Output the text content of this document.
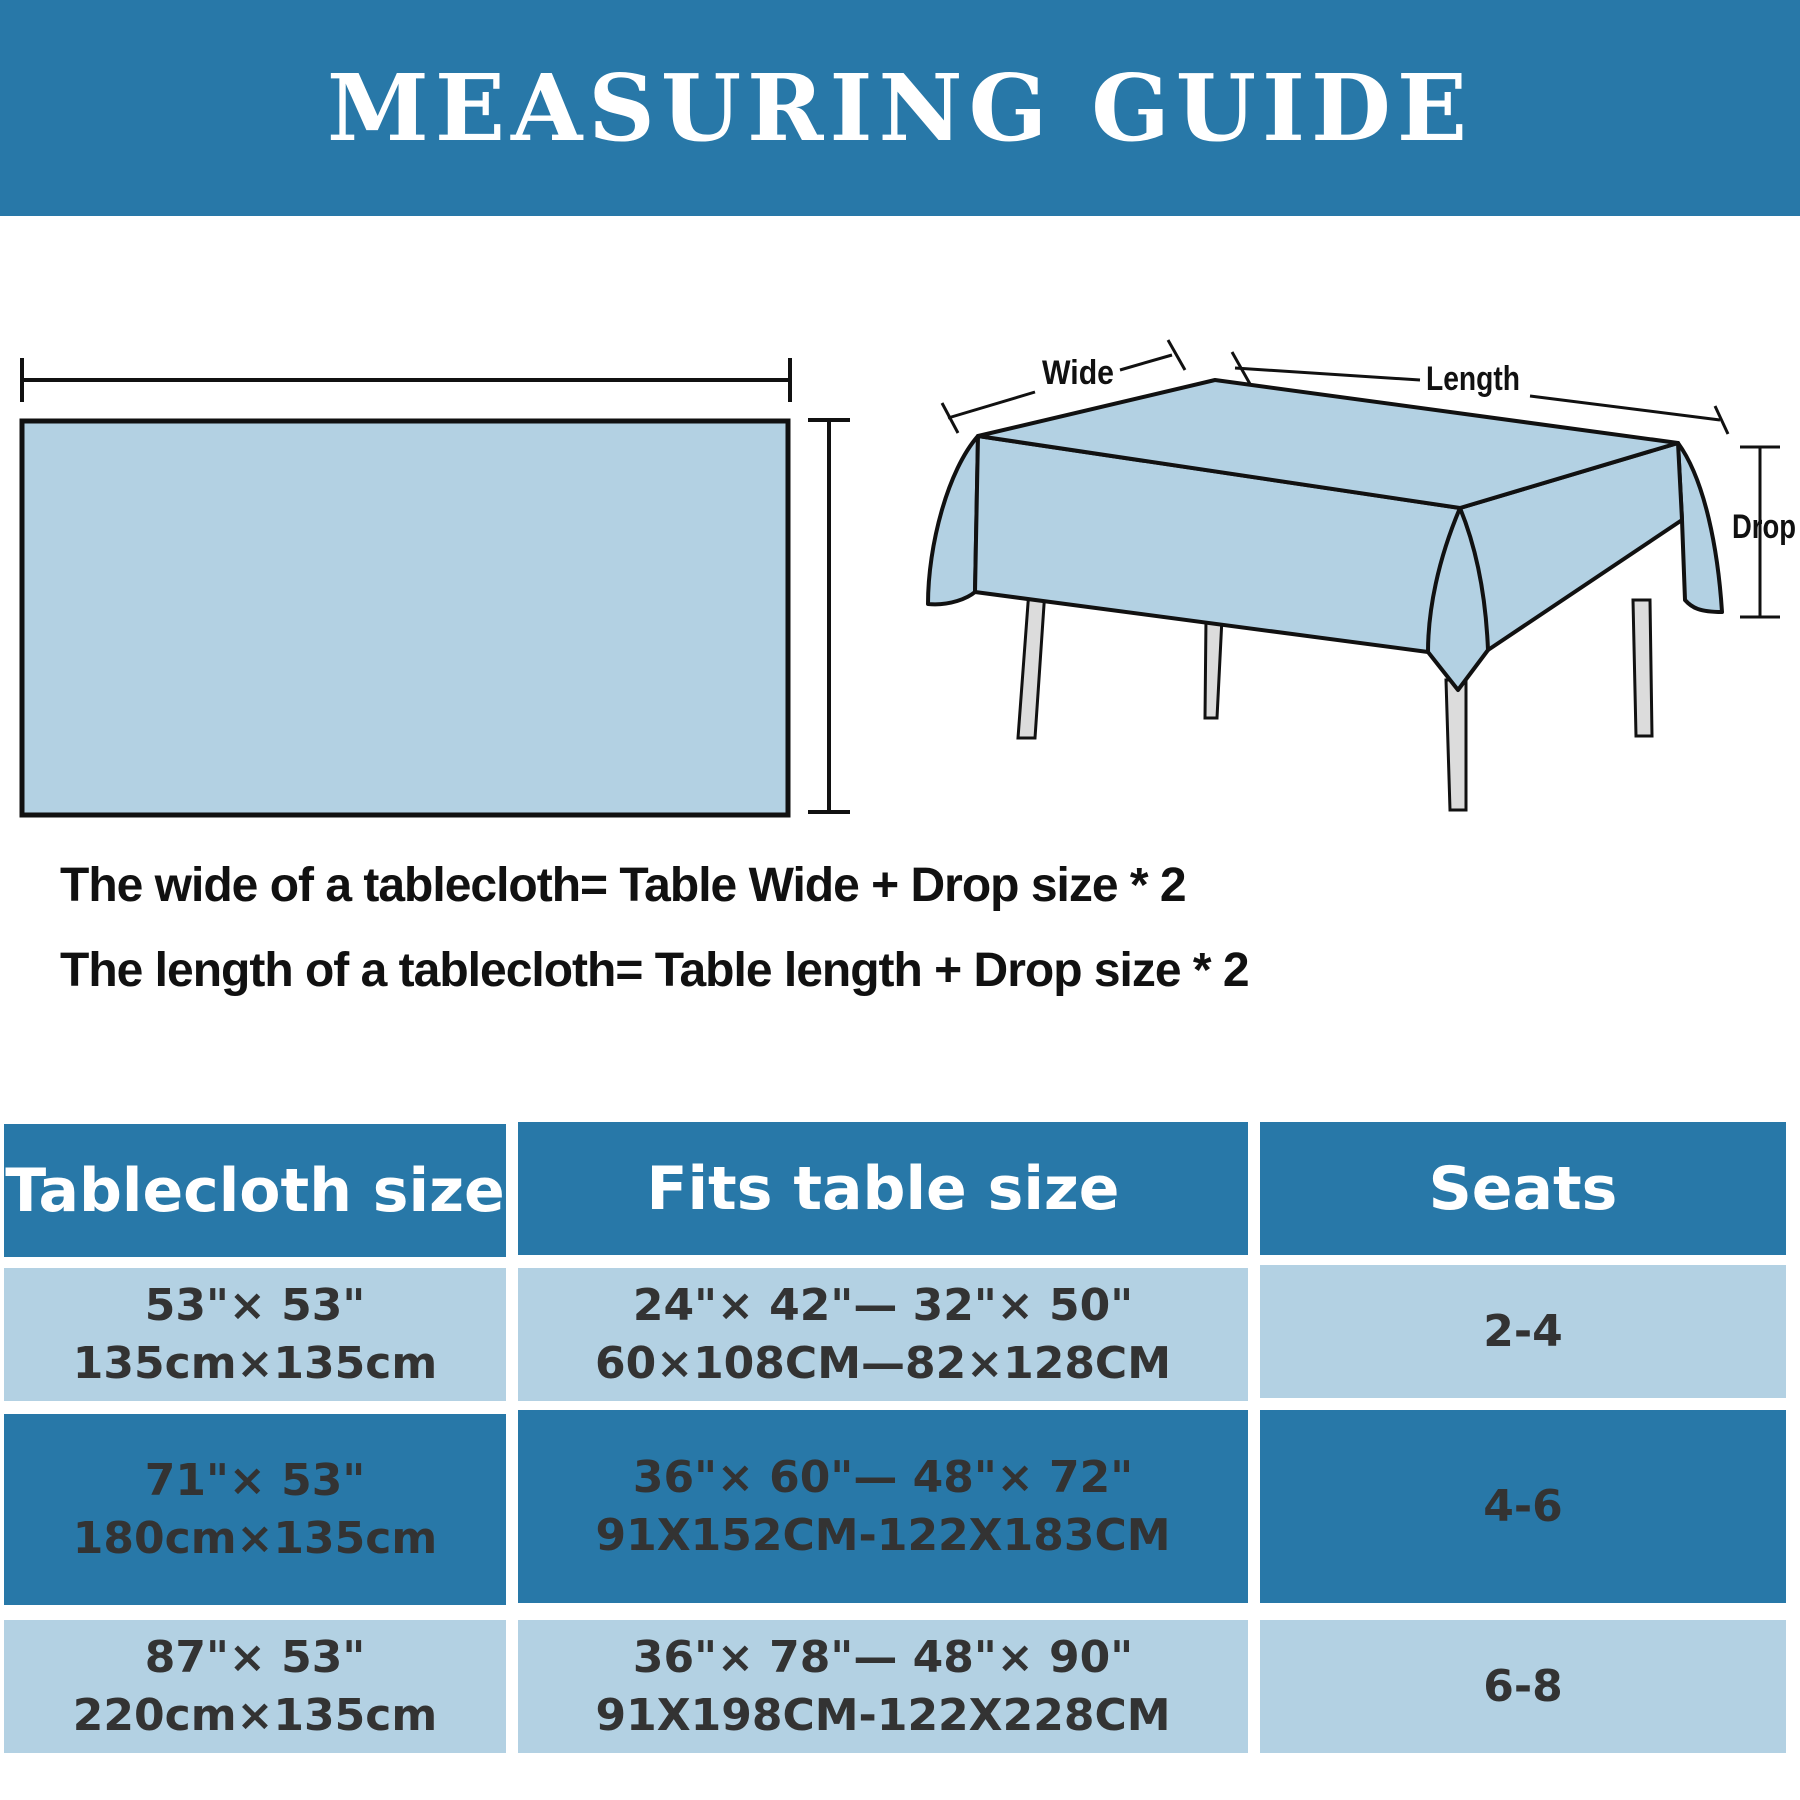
MEASURING GUIDE
Wide	Length
Drop
The wide of a tablecloth= Table Wide + Drop size * 2
The length of a tablecloth= Table length + Drop size * 2
Tablecloth size Fits table size	Seats
53"× 53"
135cm×135cm
24"× 42"— 32"× 50"
60×108CM—82×128CM
2-4
71"× 53"
180cm×135cm
36"× 60"— 48"× 72"
91X152CM-122X183CM
4-6
87"× 53"
220cm×135cm
36"× 78"— 48"× 90"
91X198CM-122X228CM
6-8
